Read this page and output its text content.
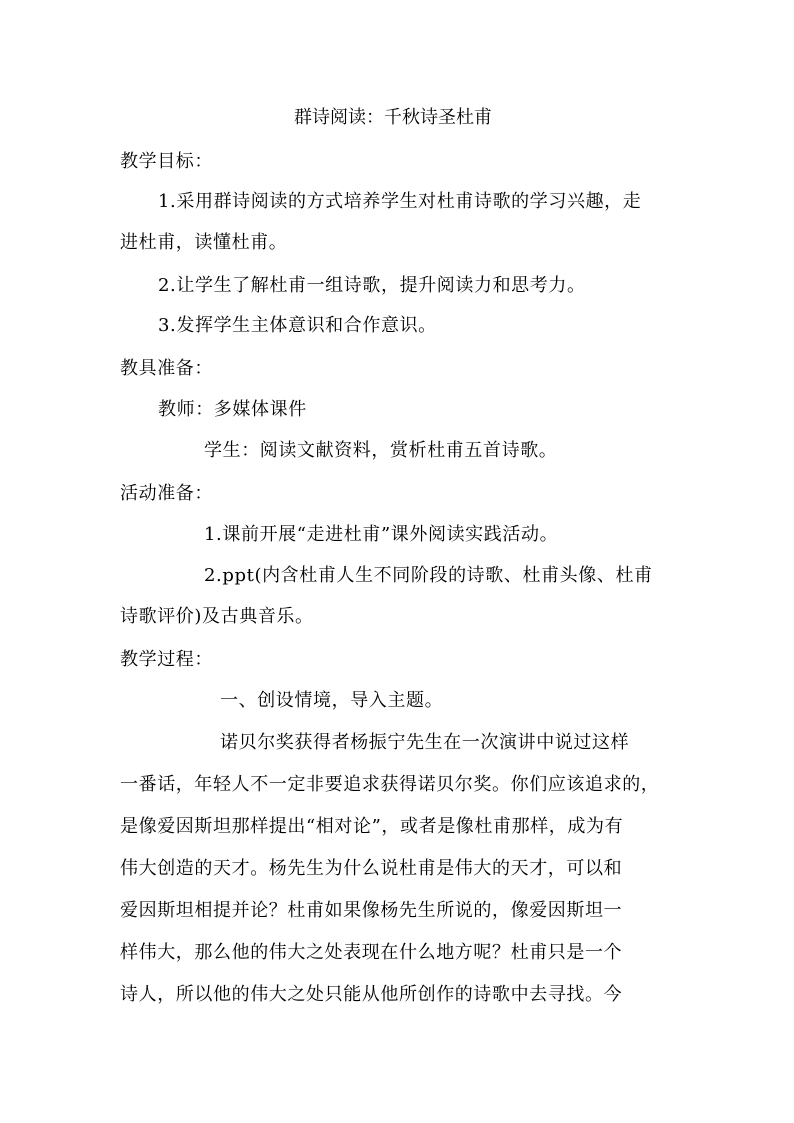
群诗阅读：千秋诗圣杜甫
教学目标：
1.采用群诗阅读的方式培养学生对杜甫诗歌的学习兴趣，走
进杜甫，读懂杜甫。
2.让学生了解杜甫一组诗歌，提升阅读力和思考力。
3.发挥学生主体意识和合作意识。
教具准备：
教师：多媒体课件
学生：阅读文献资料，赏析杜甫五首诗歌。
活动准备：
1.课前开展“走进杜甫”课外阅读实践活动。
2.ppt(内含杜甫人生不同阶段的诗歌、杜甫头像、杜甫
诗歌评价)及古典音乐。
教学过程：
一、创设情境，导入主题。
诺贝尔奖获得者杨振宁先生在一次演讲中说过这样
一番话，年轻人不一定非要追求获得诺贝尔奖。你们应该追求的，
是像爱因斯坦那样提出“相对论”，或者是像杜甫那样，成为有
伟大创造的天才。杨先生为什么说杜甫是伟大的天才，可以和
爱因斯坦相提并论？杜甫如果像杨先生所说的，像爱因斯坦一
样伟大，那么他的伟大之处表现在什么地方呢？杜甫只是一个
诗人，所以他的伟大之处只能从他所创作的诗歌中去寻找。今
